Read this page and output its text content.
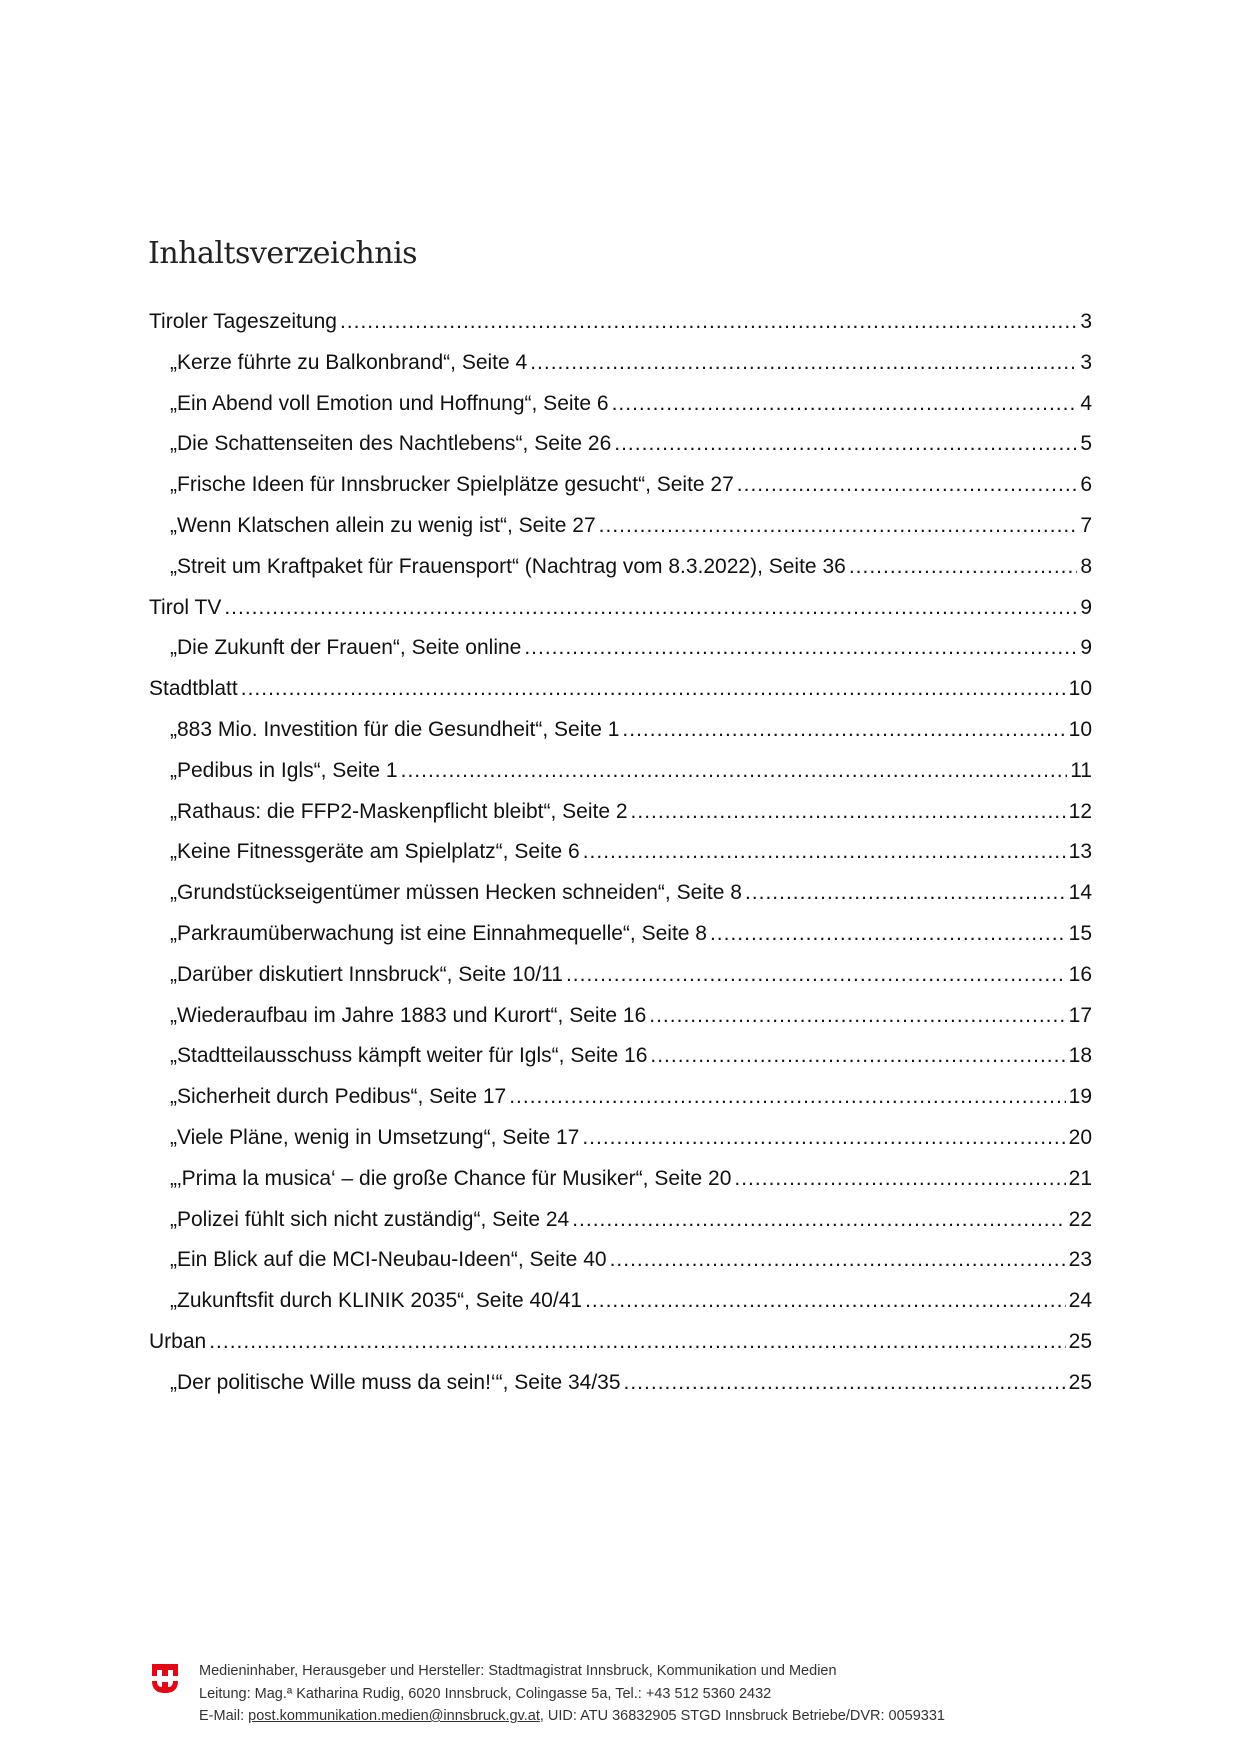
Inhaltsverzeichnis
Tiroler Tageszeitung .....	3
„Kerze führte zu Balkonbrand“, Seite 4 .....	3
„Ein Abend voll Emotion und Hoffnung“, Seite 6 .....	4
„Die Schattenseiten des Nachtlebens“, Seite 26 .....	5
„Frische Ideen für Innsbrucker Spielplätze gesucht“, Seite 27 .....	6
„Wenn Klatschen allein zu wenig ist“, Seite 27 .....	7
„Streit um Kraftpaket für Frauensport“ (Nachtrag vom 8.3.2022), Seite 36 .....	8
Tirol TV .....	9
„Die Zukunft der Frauen“, Seite online .....	9
Stadtblatt .....	10
„883 Mio. Investition für die Gesundheit“, Seite 1 .....	10
„Pedibus in Igls“, Seite 1 .....	11
„Rathaus: die FFP2-Maskenpflicht bleibt“, Seite 2 .....	12
„Keine Fitnessgeräte am Spielplatz“, Seite 6 .....	13
„Grundstückseigentümer müssen Hecken schneiden“, Seite 8 .....	14
„Parkraumüberwachung ist eine Einnahmequelle“, Seite 8 .....	15
„Darüber diskutiert Innsbruck“, Seite 10/11 .....	16
„Wiederaufbau im Jahre 1883 und Kurort“, Seite 16 .....	17
„Stadtteilausschuss kämpft weiter für Igls“, Seite 16 .....	18
„Sicherheit durch Pedibus“, Seite 17 .....	19
„Viele Pläne, wenig in Umsetzung“, Seite 17 .....	20
„‚Prima la musica‘ – die große Chance für Musiker“, Seite 20 .....	21
„Polizei fühlt sich nicht zuständig“, Seite 24 .....	22
„Ein Blick auf die MCI-Neubau-Ideen“, Seite 40 .....	23
„Zukunftsfit durch KLINIK 2035“, Seite 40/41 .....	24
Urban .....	25
„Der politische Wille muss da sein!‘“, Seite 34/35 .....	25
Medieninhaber, Herausgeber und Hersteller: Stadtmagistrat Innsbruck, Kommunikation und Medien
Leitung: Mag.ª Katharina Rudig, 6020 Innsbruck, Colingasse 5a, Tel.: +43 512 5360 2432
E-Mail: post.kommunikation.medien@innsbruck.gv.at, UID: ATU 36832905 STGD Innsbruck Betriebe/DVR: 0059331
